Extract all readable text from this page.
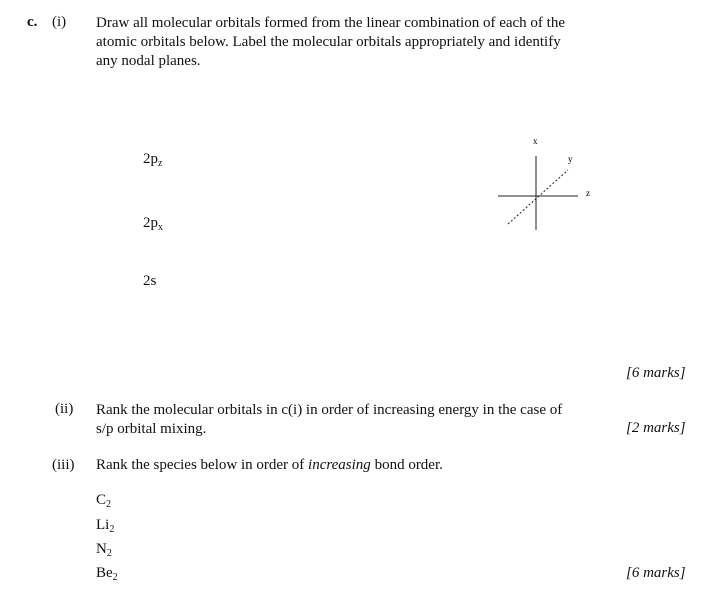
c. (i) Draw all molecular orbitals formed from the linear combination of each of the
atomic orbitals below. Label the molecular orbitals appropriately and identify
any nodal planes.
$2p_z$
$2p_x$
2s
x
y
z
[6 marks]
(ii) Rank the molecular orbitals in c(i) in order of increasing energy in the case of
s/p orbital mixing.	[2 marks]
(iii) Rank the species below in order of increasing bond order.
$C_2$
$Li_2$
$N_2$
$Be_2$	[6 marks]
